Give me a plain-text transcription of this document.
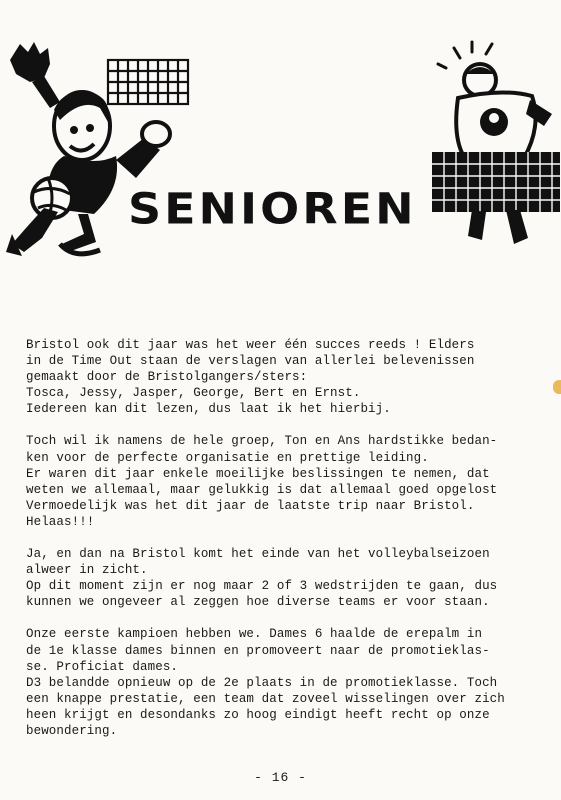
SENIOREN

Bristol ook dit jaar was het weer één succes reeds ! Elders
in de Time Out staan de verslagen van allerlei belevenissen
gemaakt door de Bristolgangers/sters:
Tosca, Jessy, Jasper, George, Bert en Ernst.
Iedereen kan dit lezen, dus laat ik het hierbij.

Toch wil ik namens de hele groep, Ton en Ans hardstikke bedan-
ken voor de perfecte organisatie en prettige leiding.
Er waren dit jaar enkele moeilijke beslissingen te nemen, dat
weten we allemaal, maar gelukkig is dat allemaal goed opgelost
Vermoedelijk was het dit jaar de laatste trip naar Bristol.
Helaas!!!

Ja, en dan na Bristol komt het einde van het volleybalseizoen
alweer in zicht.
Op dit moment zijn er nog maar 2 of 3 wedstrijden te gaan, dus
kunnen we ongeveer al zeggen hoe diverse teams er voor staan.

Onze eerste kampioen hebben we. Dames 6 haalde de erepalm in
de 1e klasse dames binnen en promoveert naar de promotieklas-
se. Proficiat dames.
D3 belandde opnieuw op de 2e plaats in de promotieklasse. Toch
een knappe prestatie, een team dat zoveel wisselingen over zich
heen krijgt en desondanks zo hoog eindigt heeft recht op onze
bewondering.

- 16 -
